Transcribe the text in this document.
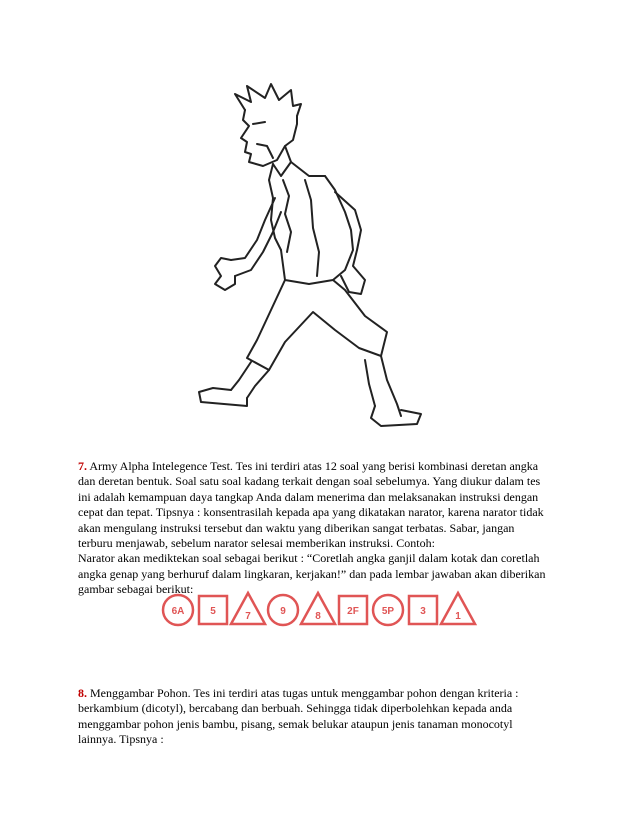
7. Army Alpha Intelegence Test. Tes ini terdiri atas 12 soal yang berisi kombinasi deretan angka
dan deretan bentuk. Soal satu soal kadang terkait dengan soal sebelumya. Yang diukur dalam tes
ini adalah kemampuan daya tangkap Anda dalam menerima dan melaksanakan instruksi dengan
cepat dan tepat. Tipsnya : konsentrasilah kepada apa yang dikatakan narator, karena narator tidak
akan mengulang instruksi tersebut dan waktu yang diberikan sangat terbatas. Sabar, jangan
terburu menjawab, sebelum narator selesai memberikan instruksi. Contoh:
Narator akan mediktekan soal sebagai berikut : “Coretlah angka ganjil dalam kotak dan coretlah
angka genap yang berhuruf dalam lingkaran, kerjakan!” dan pada lembar jawaban akan diberikan
gambar sebagai berikut:
6A	5	7	9	8	2F 5P	3	1
8. Menggambar Pohon. Tes ini terdiri atas tugas untuk menggambar pohon dengan kriteria :
berkambium (dicotyl), bercabang dan berbuah. Sehingga tidak diperbolehkan kepada anda
menggambar pohon jenis bambu, pisang, semak belukar ataupun jenis tanaman monocotyl
lainnya. Tipsnya :
